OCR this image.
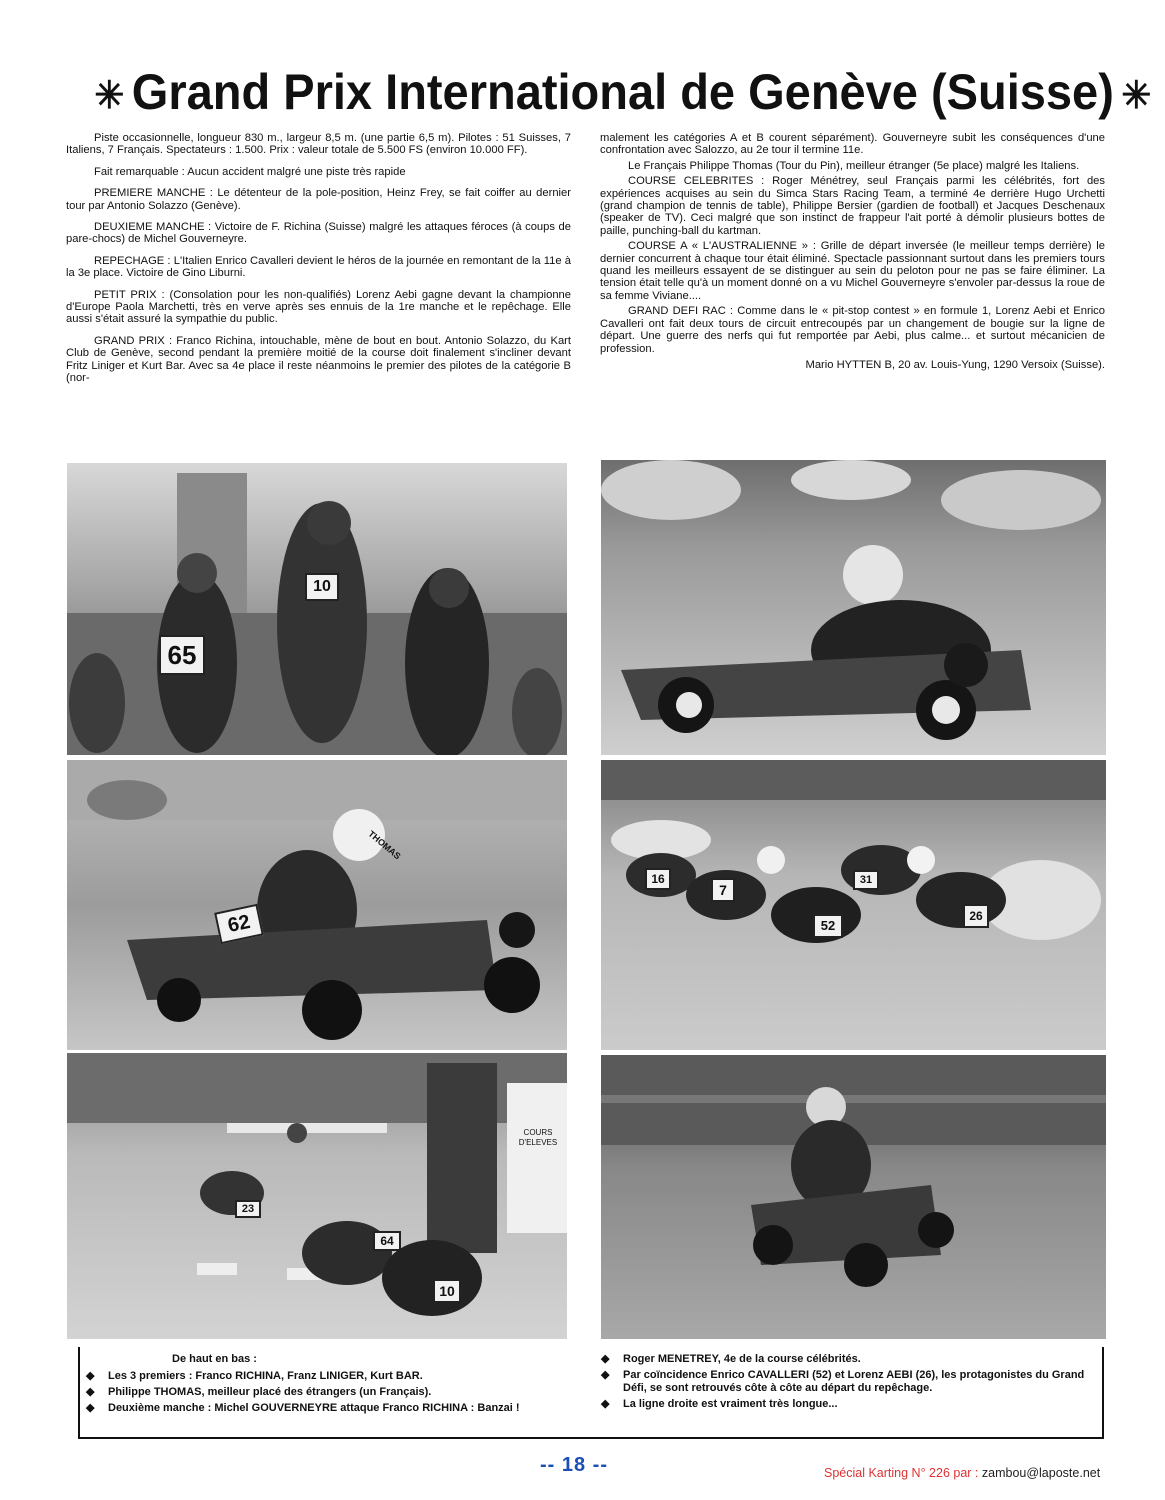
✳ Grand Prix International de Genève (Suisse) ✳

Piste occasionnelle, longueur 830 m., largeur 8,5 m. (une partie 6,5 m). Pilotes : 51 Suisses, 7 Italiens, 7 Français. Spectateurs : 1.500. Prix : valeur totale de 5.500 FS (environ 10.000 FF).

Fait remarquable : Aucun accident malgré une piste très rapide

PREMIERE MANCHE : Le détenteur de la pole-position, Heinz Frey, se fait coiffer au dernier tour par Antonio Solazzo (Genève).

DEUXIEME MANCHE : Victoire de F. Richina (Suisse) malgré les attaques féroces (à coups de pare-chocs) de Michel Gouverneyre.

REPECHAGE : L'Italien Enrico Cavalleri devient le héros de la journée en remontant de la 11e à la 3e place. Victoire de Gino Liburni.

PETIT PRIX : (Consolation pour les non-qualifiés) Lorenz Aebi gagne devant la championne d'Europe Paola Marchetti, très en verve après ses ennuis de la 1re manche et le repêchage. Elle aussi s'était assuré la sympathie du public.

GRAND PRIX : Franco Richina, intouchable, mène de bout en bout. Antonio Solazzo, du Kart Club de Genève, second pendant la première moitié de la course doit finalement s'incliner devant Fritz Liniger et Kurt Bar. Avec sa 4e place il reste néanmoins le premier des pilotes de la catégorie B (nor-

malement les catégories A et B courent séparément). Gouverneyre subit les conséquences d'une confrontation avec Salozzo, au 2e tour il termine 11e.

Le Français Philippe Thomas (Tour du Pin), meilleur étranger (5e place) malgré les Italiens.

COURSE CELEBRITES : Roger Ménétrey, seul Français parmi les célébrités, fort des expériences acquises au sein du Simca Stars Racing Team, a terminé 4e derrière Hugo Urchetti (grand champion de tennis de table), Philippe Bersier (gardien de football) et Jacques Deschenaux (speaker de TV). Ceci malgré que son instinct de frappeur l'ait porté à démolir plusieurs bottes de paille, punching-ball du kartman.

COURSE A « L'AUSTRALIENNE » : Grille de départ inversée (le meilleur temps derrière) le dernier concurrent à chaque tour était éliminé. Spectacle passionnant surtout dans les premiers tours quand les meilleurs essayent de se distinguer au sein du peloton pour ne pas se faire éliminer. La tension était telle qu'à un moment donné on a vu Michel Gouverneyre s'envoler par-dessus la roue de sa femme Viviane....

GRAND DEFI RAC : Comme dans le « pit-stop contest » en formule 1, Lorenz Aebi et Enrico Cavalleri ont fait deux tours de circuit entrecoupés par un changement de bougie sur la ligne de départ. Une guerre des nerfs qui fut remportée par Aebi, plus calme... et surtout mécanicien de profession.

Mario HYTTEN B, 20 av. Louis-Yung, 1290 Versoix (Suisse).

65
10
62
THOMAS
23
64
10
COURS D'ELEVES
16
7
52
31
26
De haut en bas :
◆ Les 3 premiers : Franco RICHINA, Franz LINIGER, Kurt BAR.
◆ Philippe THOMAS, meilleur placé des étrangers (un Français).
◆ Deuxième manche : Michel GOUVERNEYRE attaque Franco RICHINA : Banzai !
◆ Roger MENETREY, 4e de la course célébrités.
◆ Par coïncidence Enrico CAVALLERI (52) et Lorenz AEBI (26), les protagonistes du Grand Défi, se sont retrouvés côte à côte au départ du repêchage.
◆ La ligne droite est vraiment très longue...
-- 18 --	Spécial Karting N° 226 par : zambou@laposte.net
